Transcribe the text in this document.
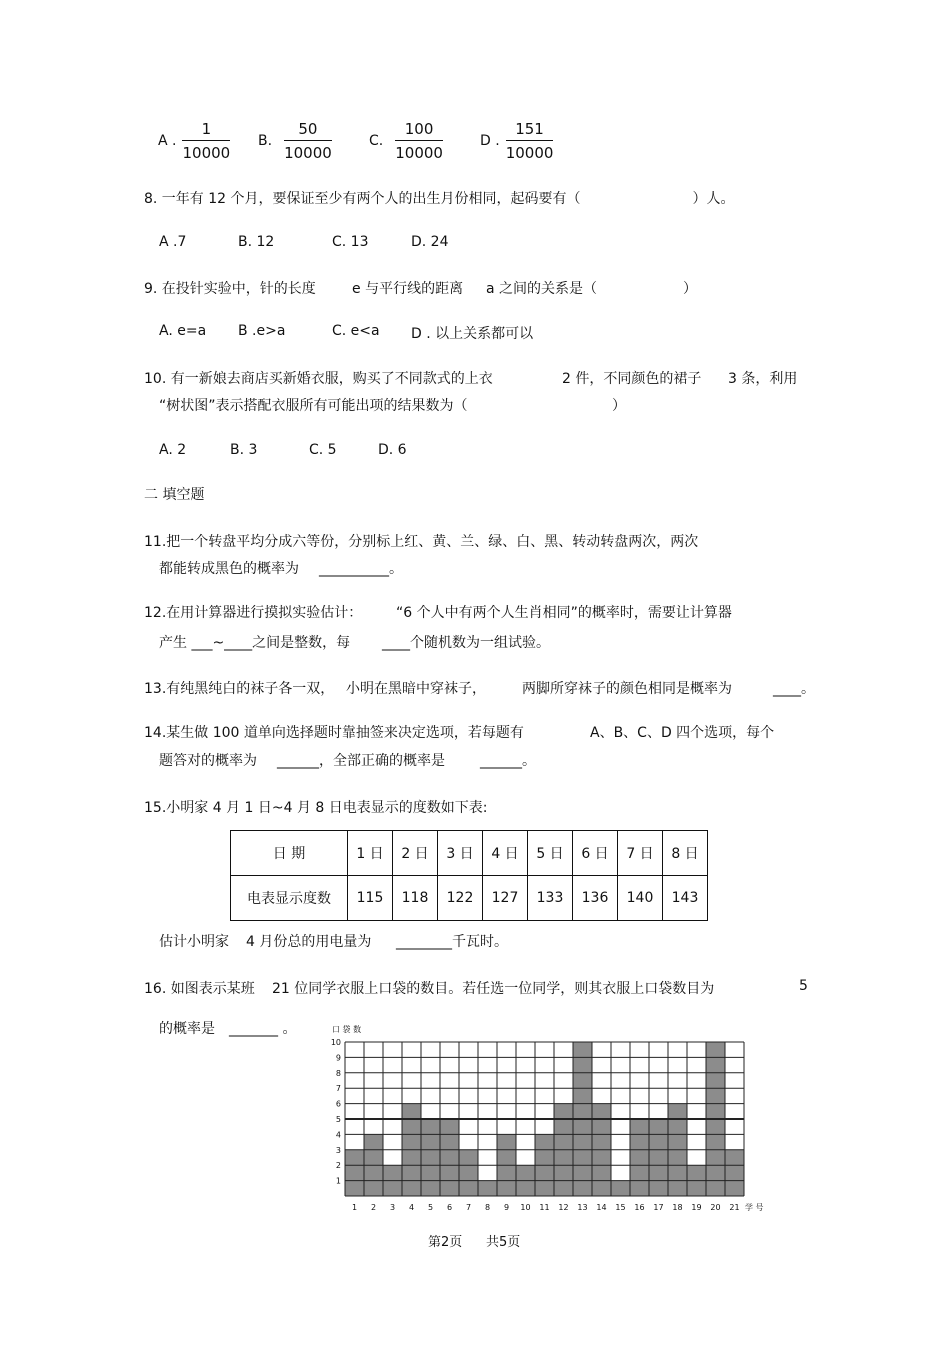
A . $\frac{1}{10000} B$. $\frac{50}{10000}$	C. $\frac{100}{10000}$	D . $\frac{151}{10000}$
8. 一年有 12 个月，要保证至少有两个人的出生月份相同，起码要有（	）人。
A .7	B. 12	C. 13	D. 24
9. 在投针实验中，针的长度	e 与平行线的距离 a 之间的关系是（	）
A. e=a B .e>a	C. e<a D . 以上关系都可以
10. 有一新娘去商店买新婚衣服，购买了不同款式的上衣	2 件，不同颜色的裙子 3 条，利用
“树状图”表示搭配衣服所有可能出项的结果数为（	）
A. 2	B. 3	C. 5	D. 6
二 填空题
11.把一个转盘平均分成六等份，分别标上红、黄、兰、绿、白、黑、转动转盘两次，两次
都能转成黑色的概率为 __________。
12.在用计算器进行摸拟实验估计： “6 个人中有两个人生肖相同”的概率时，需要让计算器
产生 ___~____之间是整数，每 ____个随机数为一组试验。
13.有纯黑纯白的袜子各一双， 小明在黑暗中穿袜子，	两脚所穿袜子的颜色相同是概率为	____。
14.某生做 100 道单向选择题时靠抽签来决定选项，若每题有	A、B、C、D 四个选项，每个
题答对的概率为 ______，全部正确的概率是	______。
15.小明家 4 月 1 日~4 月 8 日电表显示的度数如下表:
日 期	1 日	2 日	3 日	4 日	5 日	6 日	7 日	8 日
电表显示度数	115	118	122	127	133	136	140	143
估计小明家 4 月份总的用电量为 ________千瓦时。
16. 如图表示某班 21 位同学衣服上口袋的数目。若任选一位同学，则其衣服上口袋数目为	5
的概率是 _______ 。
1
2
3
4
5
6
7
8
9
10
1 2 3 4 5 6 7 8 9 10 11 12 13 14 15 16 17 18 19 20 21
口 袋 数
学 号
第2页 共5页
